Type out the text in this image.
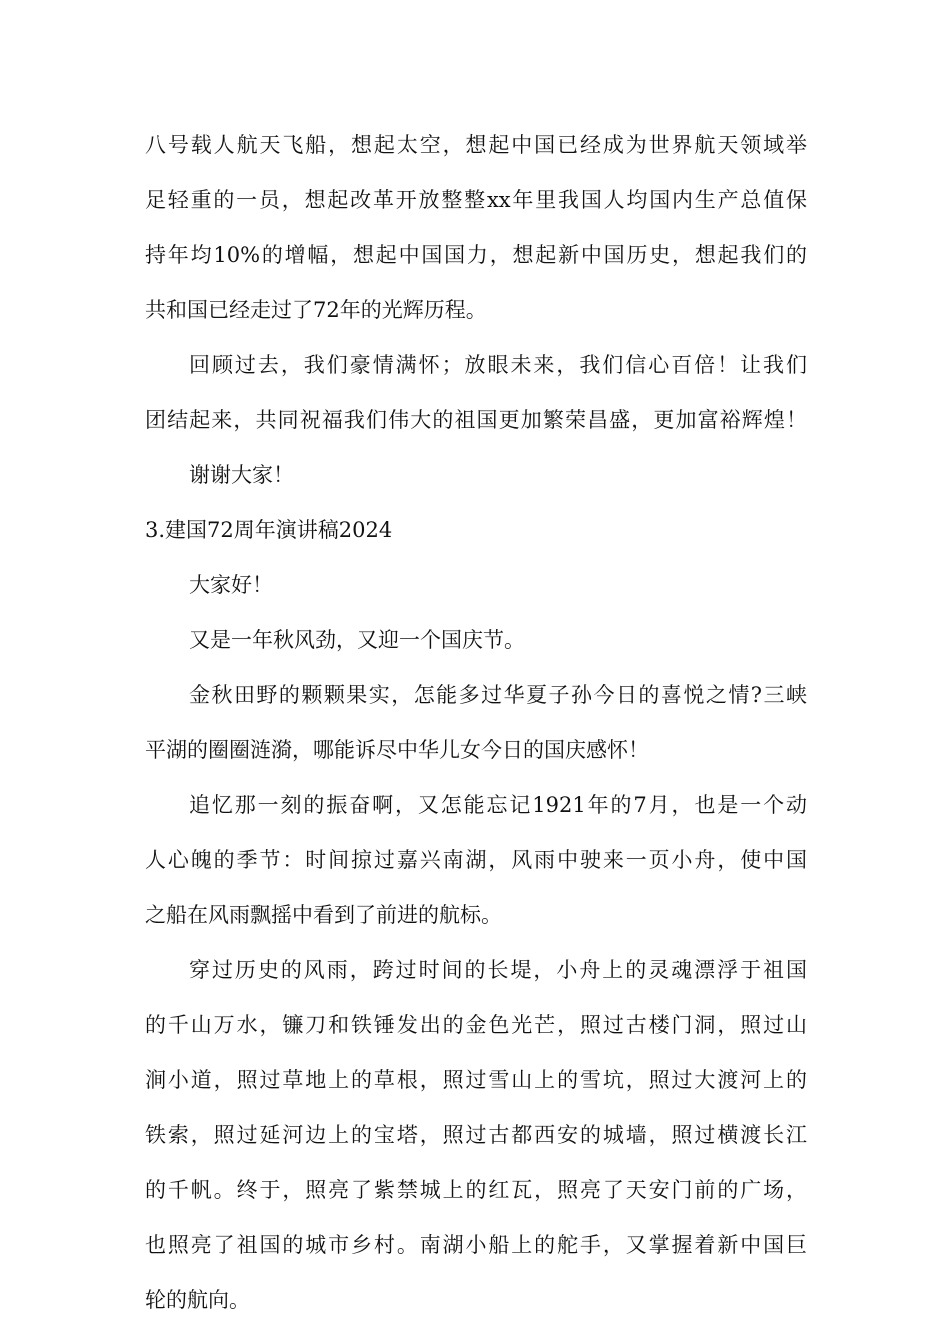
八号载人航天飞船，想起太空，想起中国已经成为世界航天领域举
足轻重的一员，想起改革开放整整xx年里我国人均国内生产总值保
持年均10%的增幅，想起中国国力，想起新中国历史，想起我们的
共和国已经走过了72年的光辉历程。
回顾过去，我们豪情满怀；放眼未来，我们信心百倍！让我们
团结起来，共同祝福我们伟大的祖国更加繁荣昌盛，更加富裕辉煌！
谢谢大家！
3.建国72周年演讲稿2024
大家好！
又是一年秋风劲，又迎一个国庆节。
金秋田野的颗颗果实，怎能多过华夏子孙今日的喜悦之情?三峡
平湖的圈圈涟漪，哪能诉尽中华儿女今日的国庆感怀！
追忆那一刻的振奋啊，又怎能忘记1921年的7月，也是一个动
人心魄的季节：时间掠过嘉兴南湖，风雨中驶来一页小舟，使中国
之船在风雨飘摇中看到了前进的航标。
穿过历史的风雨，跨过时间的长堤，小舟上的灵魂漂浮于祖国
的千山万水，镰刀和铁锤发出的金色光芒，照过古楼门洞，照过山
涧小道，照过草地上的草根，照过雪山上的雪坑，照过大渡河上的
铁索，照过延河边上的宝塔，照过古都西安的城墙，照过横渡长江
的千帆。终于，照亮了紫禁城上的红瓦，照亮了天安门前的广场，
也照亮了祖国的城市乡村。南湖小船上的舵手，又掌握着新中国巨
轮的航向。
